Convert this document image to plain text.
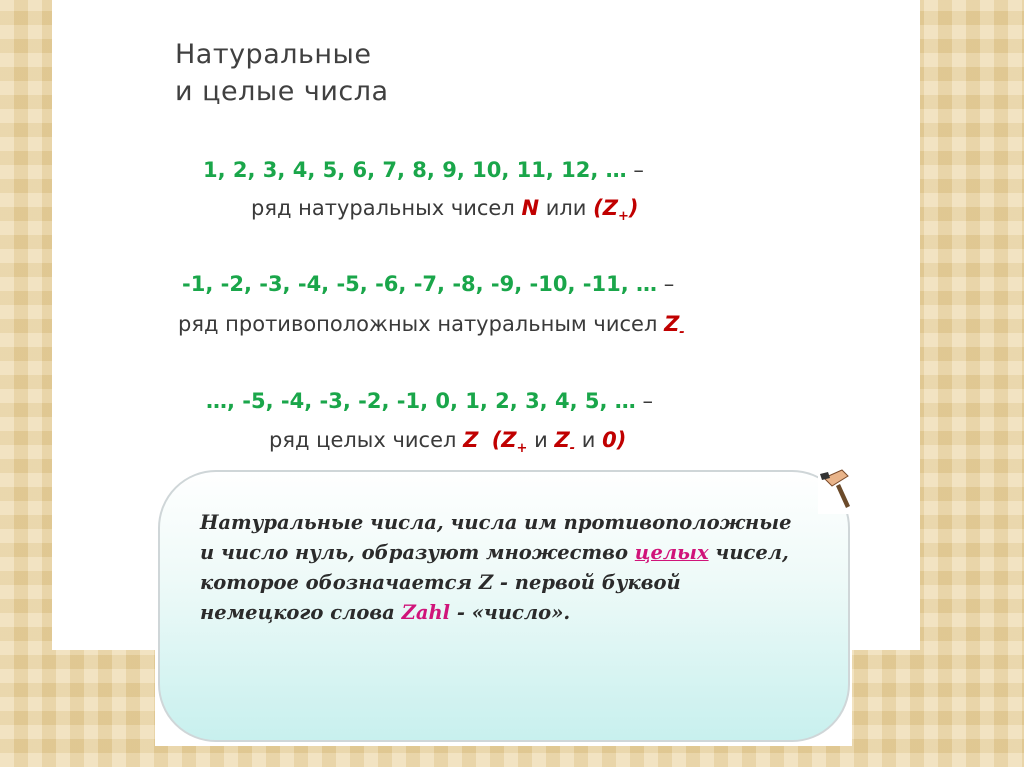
Натуральные
и целые числа
1, 2, 3, 4, 5, 6, 7, 8, 9, 10, 11, 12, … –
ряд натуральных чисел N или $(Z_+)$
-1, -2, -3, -4, -5, -6, -7, -8, -9, -10, -11, … –
ряд противоположных натуральным чисел $Z_-$
…, -5, -4, -3, -2, -1, 0, 1, 2, 3, 4, 5, … –
ряд целых чисел Z ($Z_+$ и $Z_-$ и 0)
Натуральные числа, числа им противоположные
и число нуль, образуют множество целых чисел,
которое обозначается Z - первой буквой
немецкого слова Zahl - «число».
